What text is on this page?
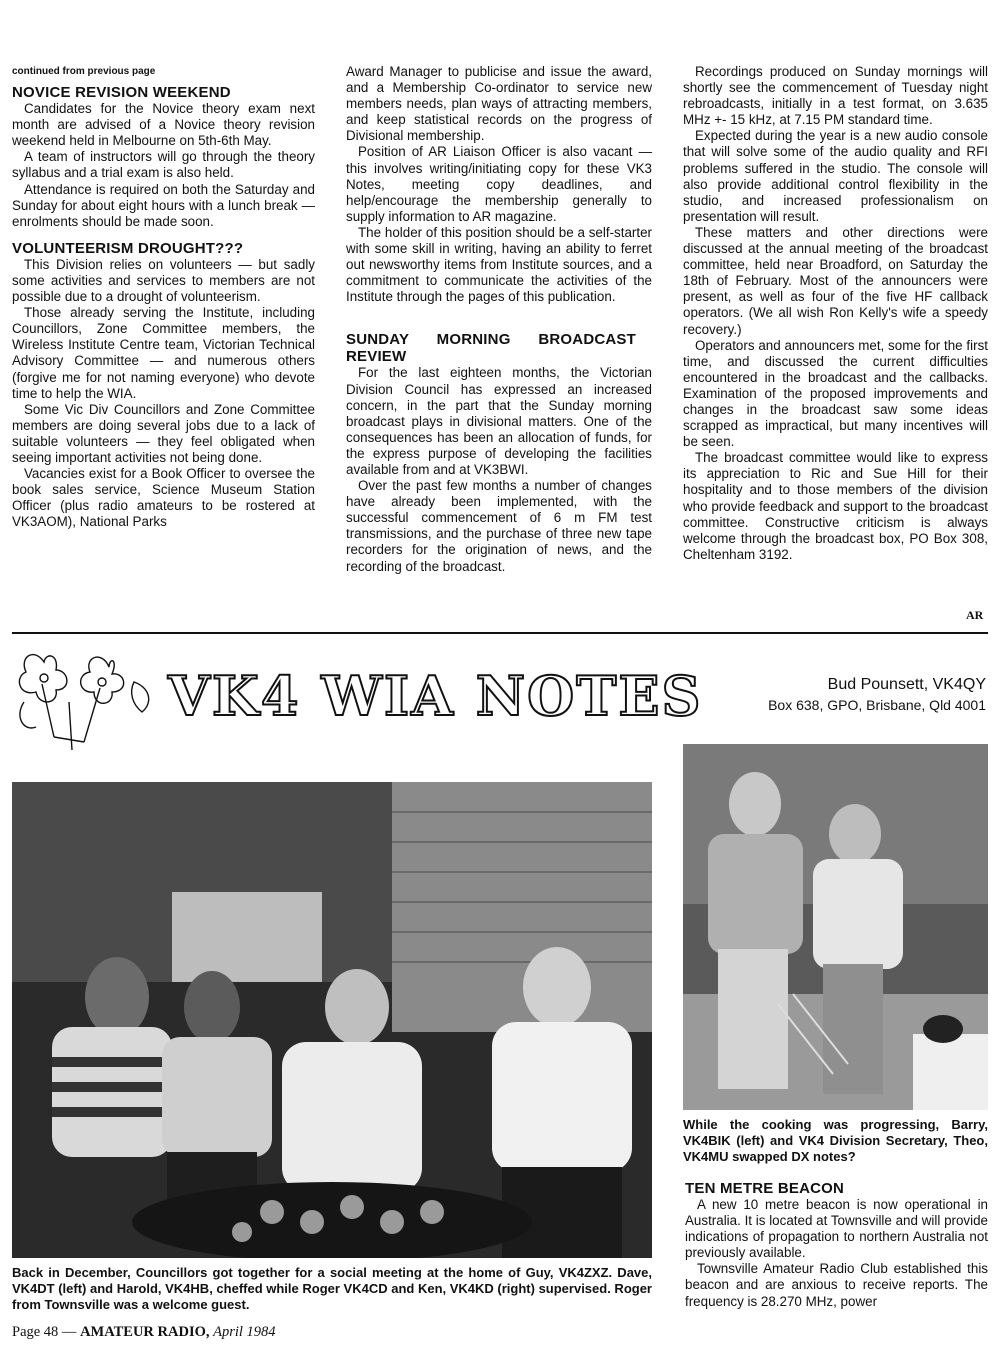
continued from previous page
NOVICE REVISION WEEKEND

Candidates for the Novice theory exam next month are advised of a Novice theory revision weekend held in Melbourne on 5th-6th May.

A team of instructors will go through the theory syllabus and a trial exam is also held.

Attendance is required on both the Saturday and Sunday for about eight hours with a lunch break — enrolments should be made soon.

VOLUNTEERISM DROUGHT???

This Division relies on volunteers — but sadly some activities and services to members are not possible due to a drought of volunteerism.

Those already serving the Institute, including Councillors, Zone Committee members, the Wireless Institute Centre team, Victorian Technical Advisory Committee — and numerous others (forgive me for not naming everyone) who devote time to help the WIA.

Some Vic Div Councillors and Zone Committee members are doing several jobs due to a lack of suitable volunteers — they feel obligated when seeing important activities not being done.

Vacancies exist for a Book Officer to oversee the book sales service, Science Museum Station Officer (plus radio amateurs to be rostered at VK3AOM), National Parks

Award Manager to publicise and issue the award, and a Membership Co-ordinator to service new members needs, plan ways of attracting members, and keep statistical records on the progress of Divisional membership.

Position of AR Liaison Officer is also vacant — this involves writing/initiating copy for these VK3 Notes, meeting copy deadlines, and help/encourage the membership generally to supply information to AR magazine.

The holder of this position should be a self-starter with some skill in writing, having an ability to ferret out newsworthy items from Institute sources, and a commitment to communicate the activities of the Institute through the pages of this publication.

SUNDAY MORNING BROADCAST REVIEW

For the last eighteen months, the Victorian Division Council has expressed an increased concern, in the part that the Sunday morning broadcast plays in divisional matters. One of the consequences has been an allocation of funds, for the express purpose of developing the facilities available from and at VK3BWI.

Over the past few months a number of changes have already been implemented, with the successful commencement of 6 m FM test transmissions, and the purchase of three new tape recorders for the origination of news, and the recording of the broadcast.

Recordings produced on Sunday mornings will shortly see the commencement of Tuesday night rebroadcasts, initially in a test format, on 3.635 MHz +- 15 kHz, at 7.15 PM standard time.

Expected during the year is a new audio console that will solve some of the audio quality and RFI problems suffered in the studio. The console will also provide additional control flexibility in the studio, and increased professionalism on presentation will result.

These matters and other directions were discussed at the annual meeting of the broadcast committee, held near Broadford, on Saturday the 18th of February. Most of the announcers were present, as well as four of the five HF callback operators. (We all wish Ron Kelly's wife a speedy recovery.)

Operators and announcers met, some for the first time, and discussed the current difficulties encountered in the broadcast and the callbacks. Examination of the proposed improvements and changes in the broadcast saw some ideas scrapped as impractical, but many incentives will be seen.

The broadcast committee would like to express its appreciation to Ric and Sue Hill for their hospitality and to those members of the division who provide feedback and support to the broadcast committee. Constructive criticism is always welcome through the broadcast box, PO Box 308, Cheltenham 3192.

AR
VK4 WIA NOTES	Bud Pounsett, VK4QY
Box 638, GPO, Brisbane, Qld 4001
Back in December, Councillors got together for a social meeting at the home of Guy, VK4ZXZ. Dave, VK4DT (left) and Harold, VK4HB, cheffed while Roger VK4CD and Ken, VK4KD (right) supervised. Roger from Townsville was a welcome guest.
While the cooking was progressing, Barry, VK4BIK (left) and VK4 Division Secretary, Theo, VK4MU swapped DX notes?
TEN METRE BEACON

A new 10 metre beacon is now operational in Australia. It is located at Townsville and will provide indications of propagation to northern Australia not previously available.

Townsville Amateur Radio Club established this beacon and are anxious to receive reports. The frequency is 28.270 MHz, power

Page 48 — AMATEUR RADIO, April 1984
